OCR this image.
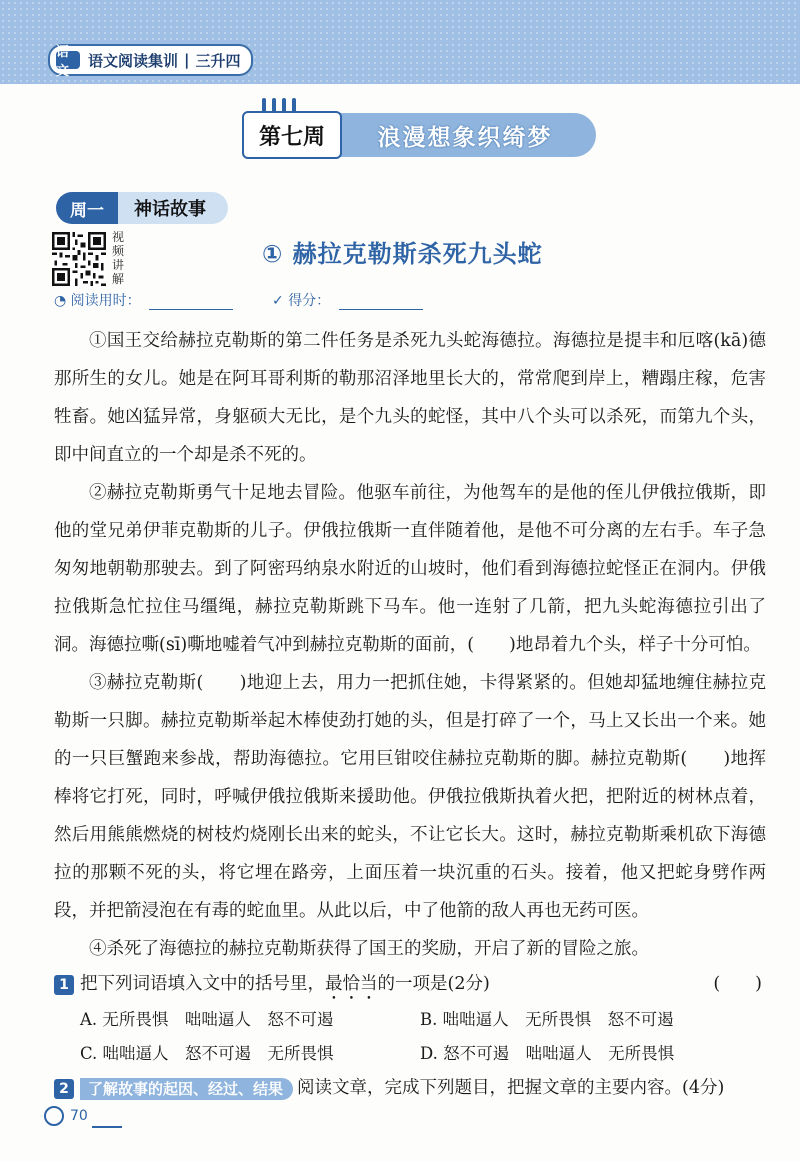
语文
语文阅读集训 | 三升四
第七周	浪漫想象织绮梦
周一	神话故事
视频讲解
① 赫拉克勒斯杀死九头蛇
◔ 阅读用时：	✓ 得分：

①国王交给赫拉克勒斯的第二件任务是杀死九头蛇海德拉。海德拉是提丰和厄喀(kā)德那所生的女儿。她是在阿耳哥利斯的勒那沼泽地里长大的，常常爬到岸上，糟蹋庄稼，危害牲畜。她凶猛异常，身躯硕大无比，是个九头的蛇怪，其中八个头可以杀死，而第九个头，即中间直立的一个却是杀不死的。

②赫拉克勒斯勇气十足地去冒险。他驱车前往，为他驾车的是他的侄儿伊俄拉俄斯，即他的堂兄弟伊菲克勒斯的儿子。伊俄拉俄斯一直伴随着他，是他不可分离的左右手。车子急匆匆地朝勒那驶去。到了阿密玛纳泉水附近的山坡时，他们看到海德拉蛇怪正在洞内。伊俄拉俄斯急忙拉住马缰绳，赫拉克勒斯跳下马车。他一连射了几箭，把九头蛇海德拉引出了洞。海德拉嘶(sī)嘶地嘘着气冲到赫拉克勒斯的面前，(　　)地昂着九个头，样子十分可怕。

③赫拉克勒斯(　　)地迎上去，用力一把抓住她，卡得紧紧的。但她却猛地缠住赫拉克勒斯一只脚。赫拉克勒斯举起木棒使劲打她的头，但是打碎了一个，马上又长出一个来。她的一只巨蟹跑来参战，帮助海德拉。它用巨钳咬住赫拉克勒斯的脚。赫拉克勒斯(　　)地挥棒将它打死，同时，呼喊伊俄拉俄斯来援助他。伊俄拉俄斯执着火把，把附近的树林点着，然后用熊熊燃烧的树枝灼烧刚长出来的蛇头，不让它长大。这时，赫拉克勒斯乘机砍下海德拉的那颗不死的头，将它埋在路旁，上面压着一块沉重的石头。接着，他又把蛇身劈作两段，并把箭浸泡在有毒的蛇血里。从此以后，中了他箭的敌人再也无药可医。

④杀死了海德拉的赫拉克勒斯获得了国王的奖励，开启了新的冒险之旅。

1 把下列词语填入文中的括号里，最恰当的一项是(2分)	(　　)
A. 无所畏惧　咄咄逼人　怒不可遏	B. 咄咄逼人　无所畏惧　怒不可遏
C. 咄咄逼人　怒不可遏　无所畏惧	D. 怒不可遏　咄咄逼人　无所畏惧
2 了解故事的起因、经过、结果 阅读文章，完成下列题目，把握文章的主要内容。(4分)
70
